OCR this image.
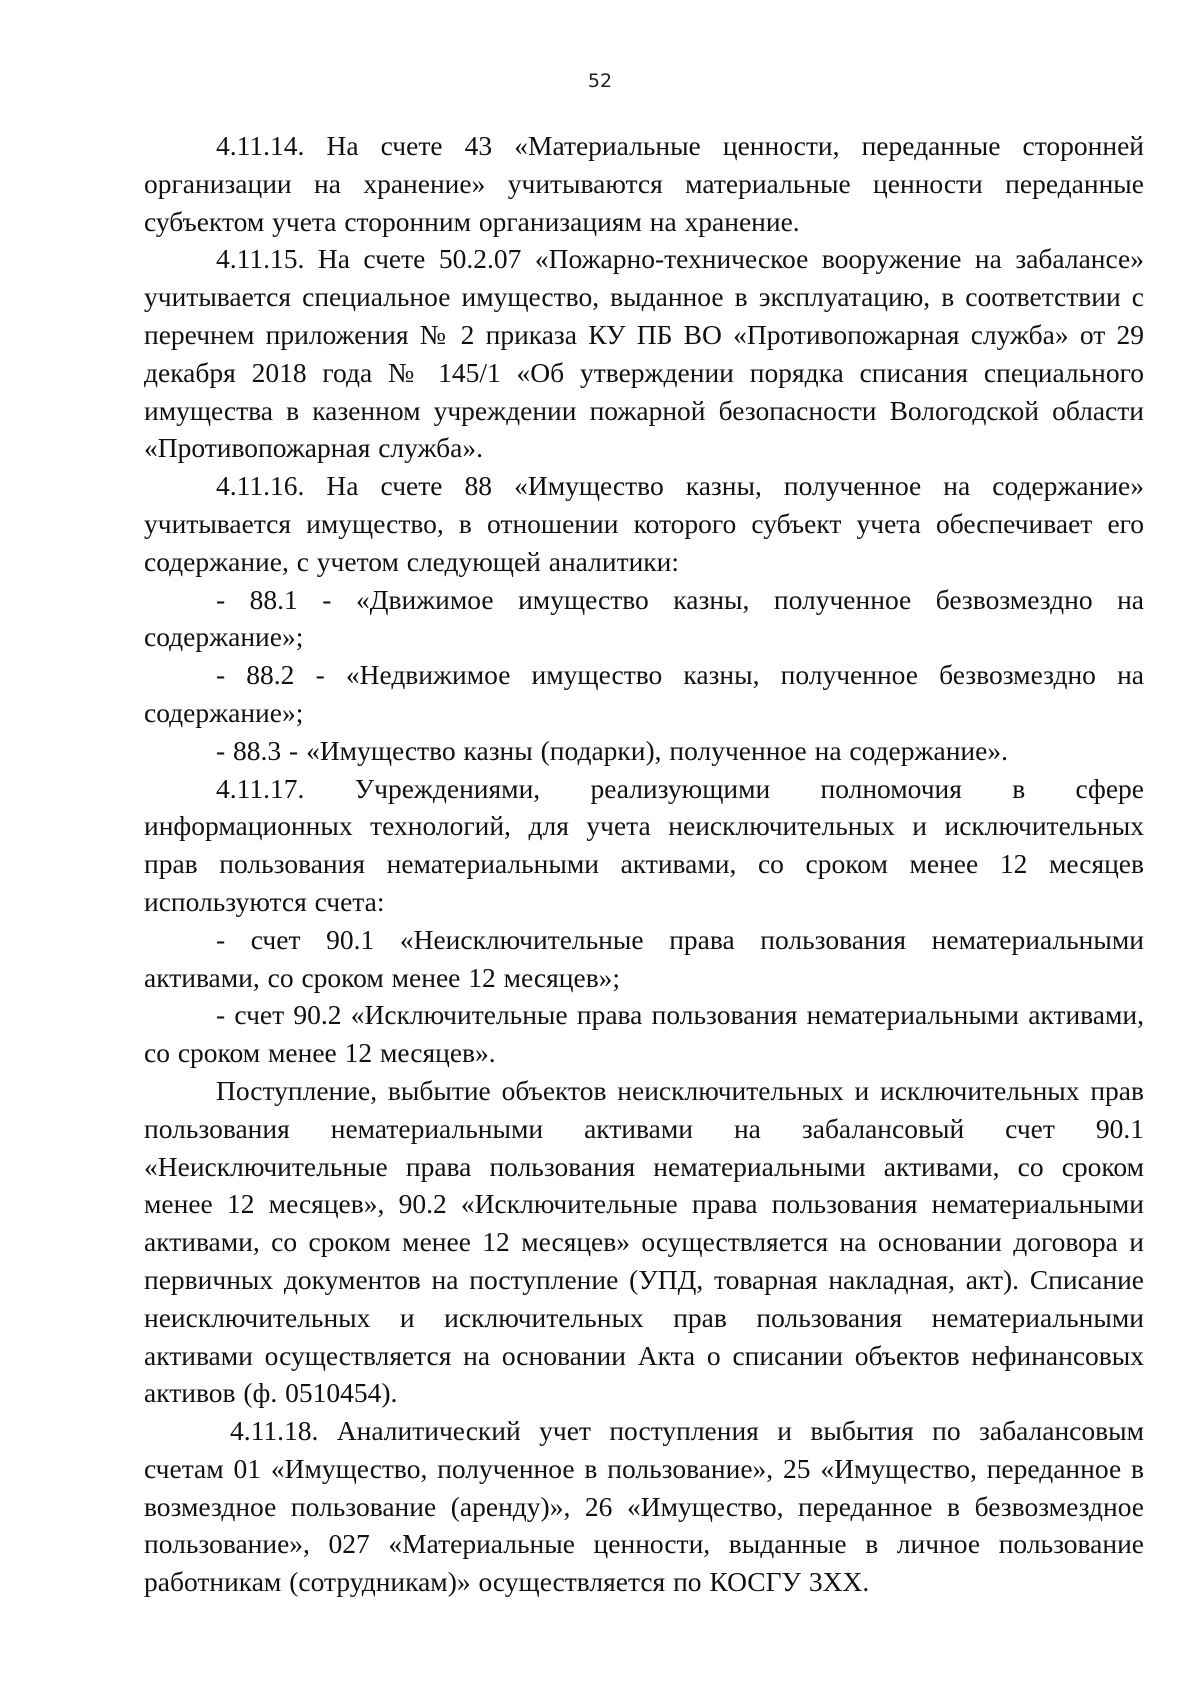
52

4.11.14. На счете 43 «Материальные ценности, переданные сторонней организации на хранение» учитываются материальные ценности переданные субъектом учета сторонним организациям на хранение.

4.11.15. На счете 50.2.07 «Пожарно-техническое вооружение на забалансе» учитывается специальное имущество, выданное в эксплуатацию, в соответствии с перечнем приложения № 2 приказа КУ ПБ ВО «Противопожарная служба» от 29 декабря 2018 года № 145/1 «Об утверждении порядка списания специального имущества в казенном учреждении пожарной безопасности Вологодской области «Противопожарная служба».

4.11.16. На счете 88 «Имущество казны, полученное на содержание» учитывается имущество, в отношении которого субъект учета обеспечивает его содержание, с учетом следующей аналитики:

- 88.1 - «Движимое имущество казны, полученное безвозмездно на содержание»;

- 88.2 - «Недвижимое имущество казны, полученное безвозмездно на содержание»;

- 88.3 - «Имущество казны (подарки), полученное на содержание».

4.11.17. Учреждениями, реализующими полномочия в сфере информационных технологий, для учета неисключительных и исключительных прав пользования нематериальными активами, со сроком менее 12 месяцев используются счета:

- счет 90.1 «Неисключительные права пользования нематериальными активами, со сроком менее 12 месяцев»;

- счет 90.2 «Исключительные права пользования нематериальными активами, со сроком менее 12 месяцев».

Поступление, выбытие объектов неисключительных и исключительных прав пользования нематериальными активами на забалансовый счет 90.1 «Неисключительные права пользования нематериальными активами, со сроком менее 12 месяцев», 90.2 «Исключительные права пользования нематериальными активами, со сроком менее 12 месяцев» осуществляется на основании договора и первичных документов на поступление (УПД, товарная накладная, акт). Списание неисключительных и исключительных прав пользования нематериальными активами осуществляется на основании Акта о списании объектов нефинансовых активов (ф. 0510454).

4.11.18. Аналитический учет поступления и выбытия по забалансовым счетам 01 «Имущество, полученное в пользование», 25 «Имущество, переданное в возмездное пользование (аренду)», 26 «Имущество, переданное в безвозмездное пользование», 027 «Материальные ценности, выданные в личное пользование работникам (сотрудникам)» осуществляется по КОСГУ 3ХХ.
